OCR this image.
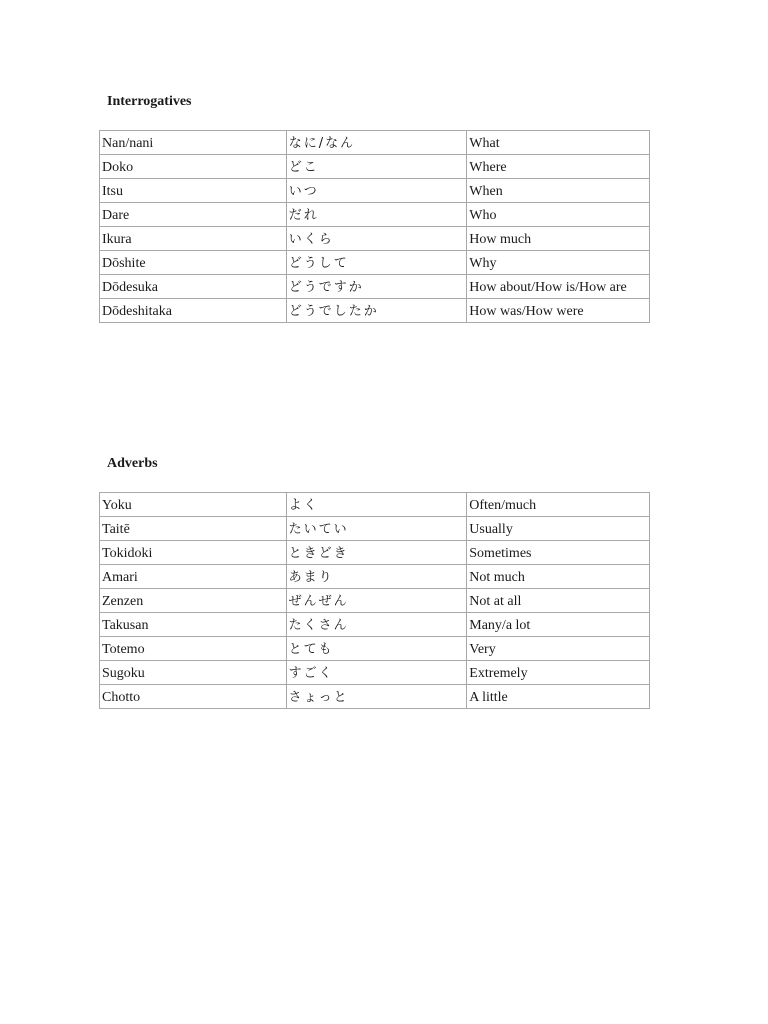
Interrogatives
Nan/nani	なに/なん	What
Doko	どこ	Where
Itsu	いつ	When
Dare	だれ	Who
Ikura	いくら	How much
Dōshite	どうして	Why
Dōdesuka	どうですか	How about/How is/How are
Dōdeshitaka	どうでしたか	How was/How were
Adverbs
Yoku	よく	Often/much
Taitē	たいてい	Usually
Tokidoki	ときどき	Sometimes
Amari	あまり	Not much
Zenzen	ぜんぜん	Not at all
Takusan	たくさん	Many/a lot
Totemo	とても	Very
Sugoku	すごく	Extremely
Chotto	さょっと	A little
